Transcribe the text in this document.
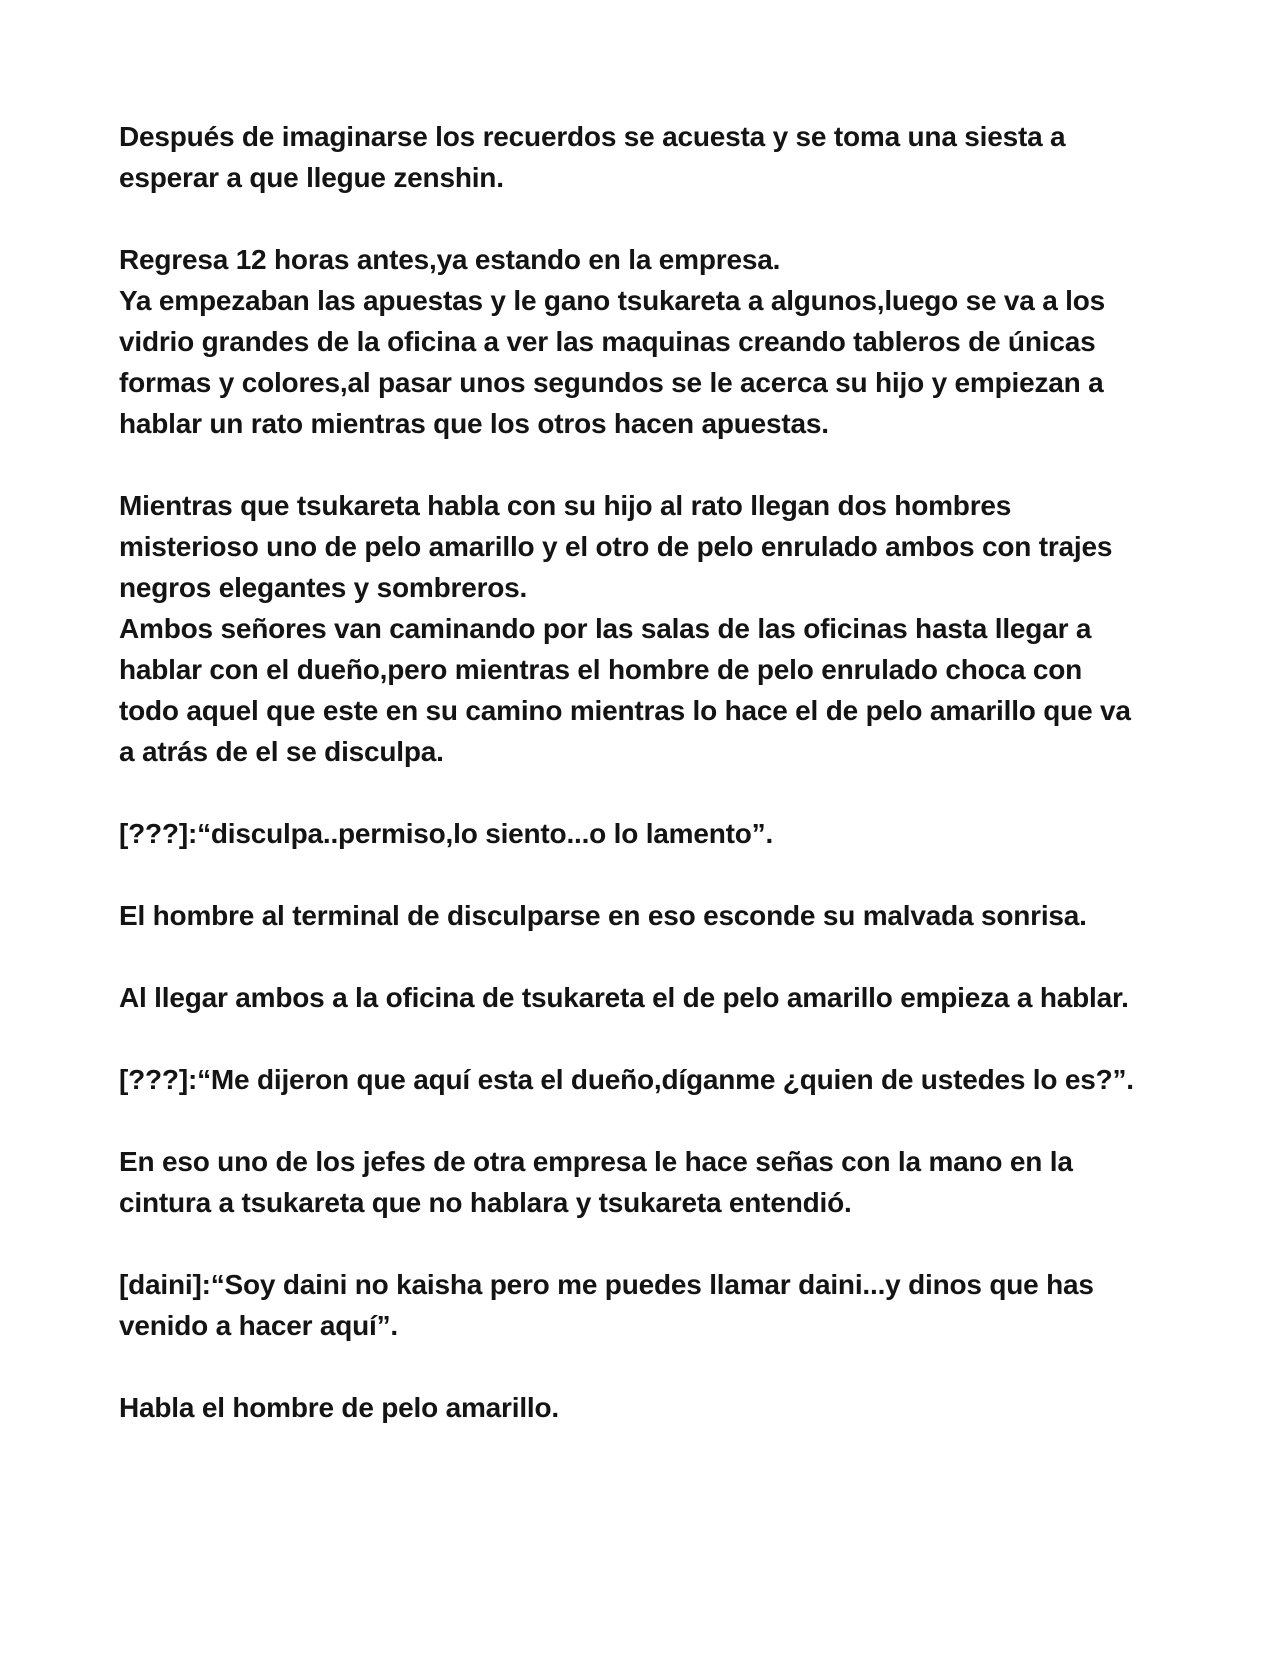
Después de imaginarse los recuerdos se acuesta y se toma una siesta a esperar a que llegue zenshin.

Regresa 12 horas antes,ya estando en la empresa.
Ya empezaban las apuestas y le gano tsukareta a algunos,luego se va a los vidrio grandes de la oficina a ver las maquinas creando tableros de únicas formas y colores,al pasar unos segundos se le acerca su hijo y empiezan a hablar un rato mientras que los otros hacen apuestas.

Mientras que tsukareta habla con su hijo al rato llegan dos hombres misterioso uno de pelo amarillo y el otro de pelo enrulado ambos con trajes negros elegantes y sombreros.
Ambos señores van caminando por las salas de las oficinas hasta llegar a hablar con el dueño,pero mientras el hombre de pelo enrulado choca con todo aquel que este en su camino mientras lo hace el de pelo amarillo que va a atrás de el se disculpa.

[???]:“disculpa..permiso,lo siento...o lo lamento”.

El hombre al terminal de disculparse en eso esconde su malvada sonrisa.

Al llegar ambos a la oficina de tsukareta el de pelo amarillo empieza a hablar.

[???]:“Me dijeron que aquí esta el dueño,díganme ¿quien de ustedes lo es?”.

En eso uno de los jefes de otra empresa le hace señas con la mano en la cintura a tsukareta que no hablara y tsukareta entendió.

[daini]:“Soy daini no kaisha pero me puedes llamar daini...y dinos que has venido a hacer aquí”.

Habla el hombre de pelo amarillo.
